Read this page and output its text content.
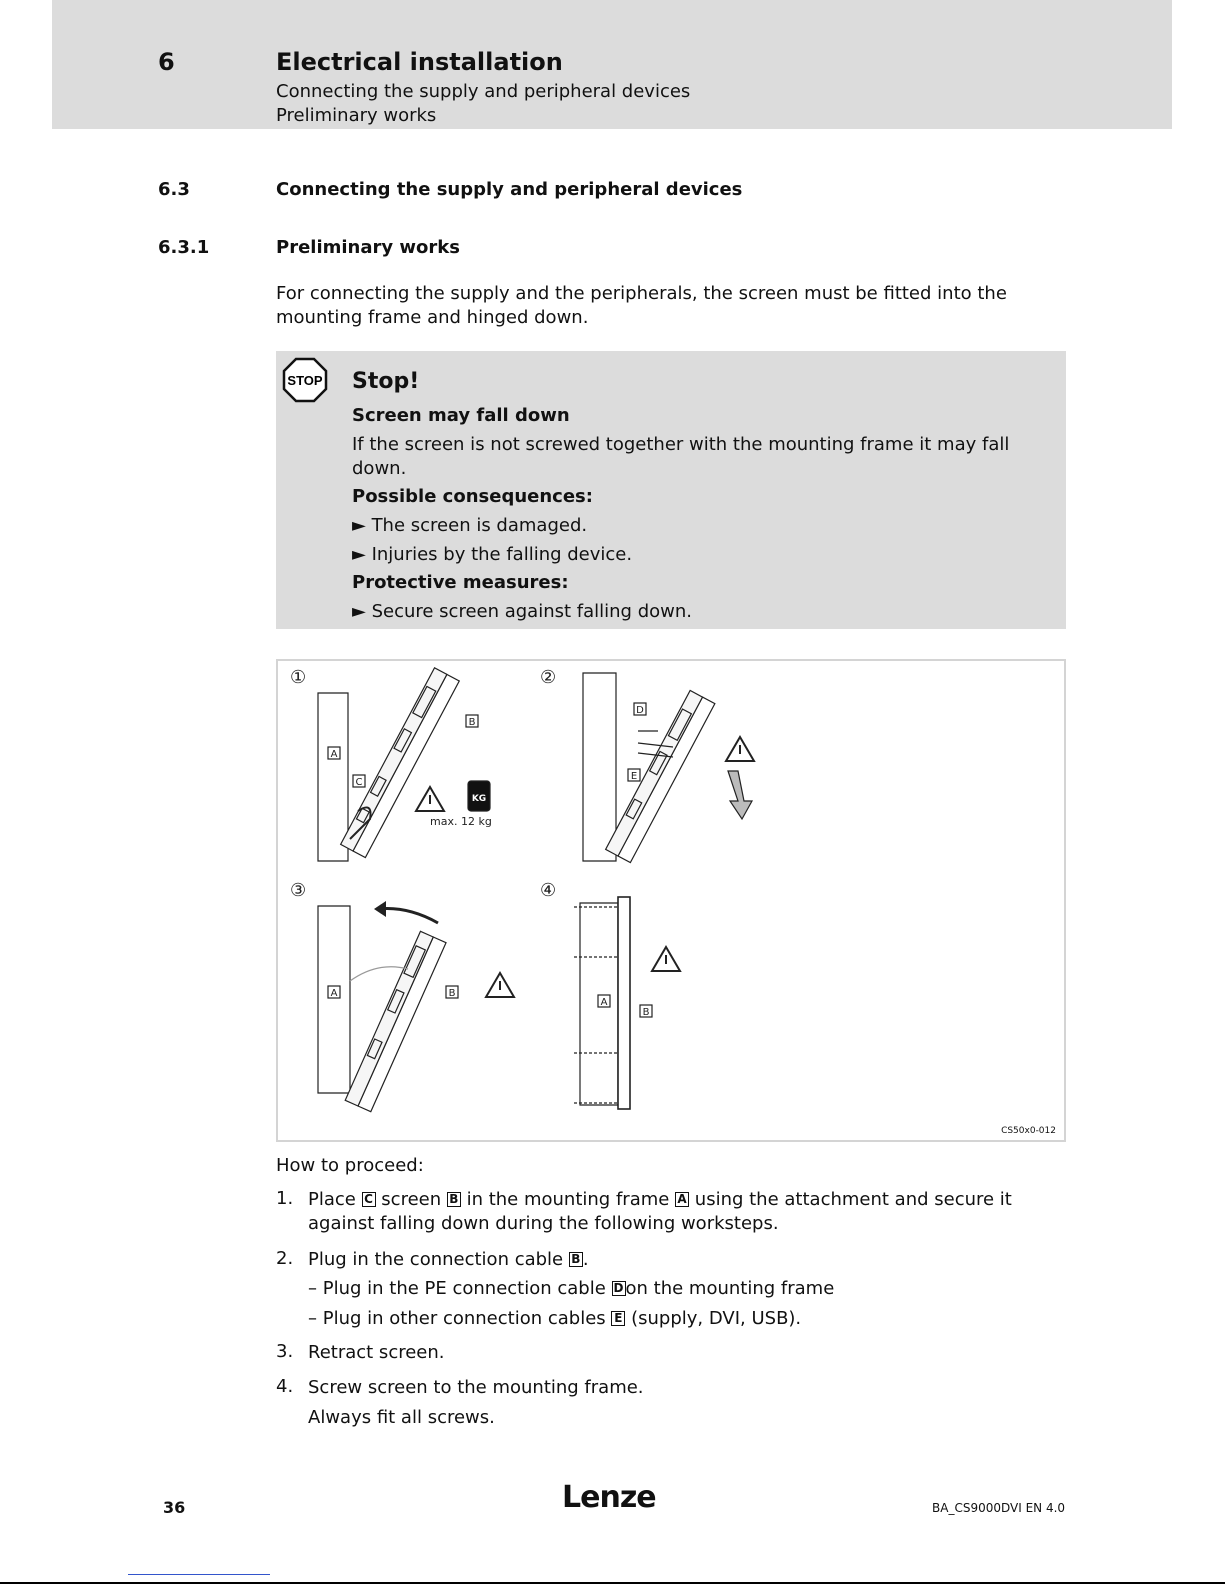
6	Electrical installation
Connecting the supply and peripheral devices
Preliminary works
6.3	Connecting the supply and peripheral devices
6.3.1	Preliminary works
For connecting the supply and the peripherals, the screen must be fitted into the mounting frame and hinged down.
STOP Stop!
Screen may fall down
If the screen is not screwed together with the mounting frame it may fall down.
Possible consequences:
► The screen is damaged.
► Injuries by the falling device.
Protective measures:
► Secure screen against falling down.
①
A
C
B
KG
max. 12 kg
②
D
E
③
A	B
④
A
B
CS50x0-012
How to proceed:
1. Place C screen B in the mounting frame A using the attachment and secure it against falling down during the following worksteps.
2. Plug in the connection cable B .
– Plug in the PE connection cable D on the mounting frame
– Plug in other connection cables E (supply, DVI, USB).
3. Retract screen.
4. Screw screen to the mounting frame.
Always fit all screws.
36	Lenze	BA_CS9000DVI EN 4.0
